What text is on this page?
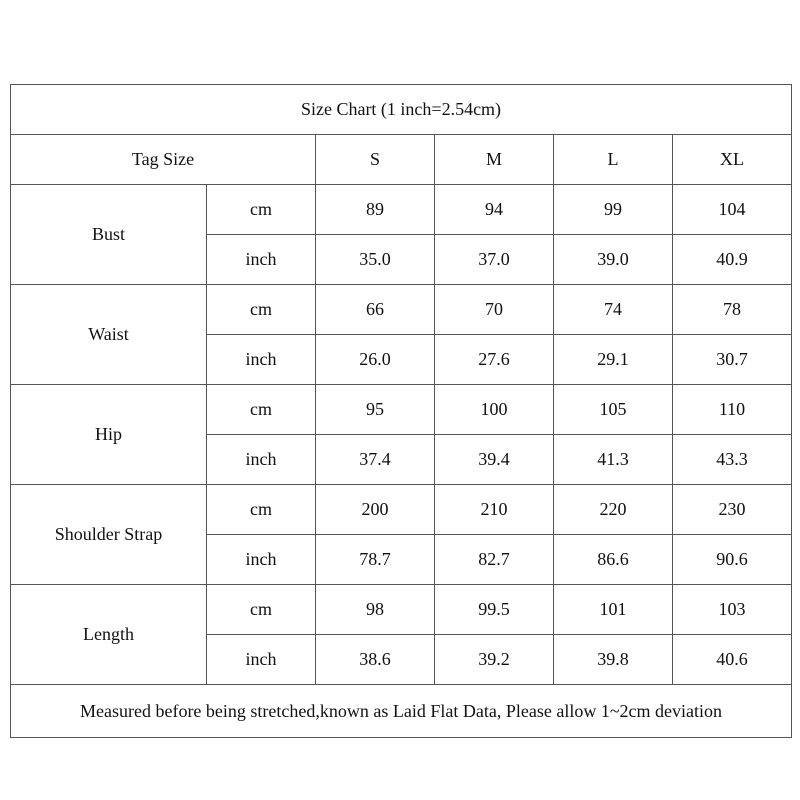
Size Chart (1 inch=2.54cm)					
Tag Size		S	M	L	XL
Bust	cm	89	94	99	104
	inch	35.0	37.0	39.0	40.9
Waist	cm	66	70	74	78
	inch	26.0	27.6	29.1	30.7
Hip	cm	95	100	105	110
	inch	37.4	39.4	41.3	43.3
Shoulder Strap	cm	200	210	220	230
	inch	78.7	82.7	86.6	90.6
Length	cm	98	99.5	101	103
	inch	38.6	39.2	39.8	40.6
Measured before being stretched,known as Laid Flat Data, Please allow 1~2cm deviation					
